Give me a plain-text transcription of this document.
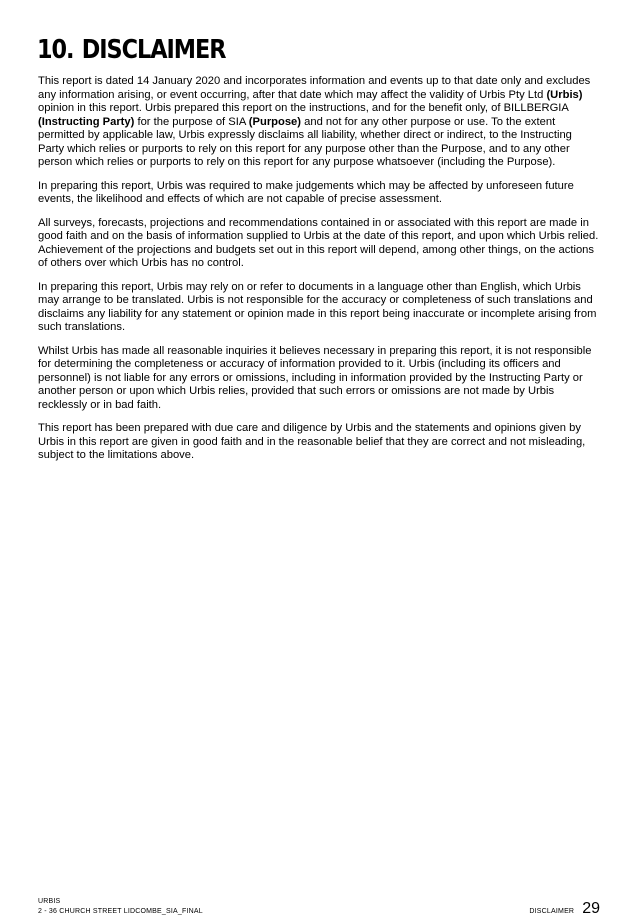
10. DISCLAIMER

This report is dated 14 January 2020 and incorporates information and events up to that date only and excludes any information arising, or event occurring, after that date which may affect the validity of Urbis Pty Ltd (Urbis) opinion in this report. Urbis prepared this report on the instructions, and for the benefit only, of BILLBERGIA (Instructing Party) for the purpose of SIA (Purpose) and not for any other purpose or use. To the extent permitted by applicable law, Urbis expressly disclaims all liability, whether direct or indirect, to the Instructing Party which relies or purports to rely on this report for any purpose other than the Purpose, and to any other person which relies or purports to rely on this report for any purpose whatsoever (including the Purpose).

In preparing this report, Urbis was required to make judgements which may be affected by unforeseen future events, the likelihood and effects of which are not capable of precise assessment.

All surveys, forecasts, projections and recommendations contained in or associated with this report are made in good faith and on the basis of information supplied to Urbis at the date of this report, and upon which Urbis relied. Achievement of the projections and budgets set out in this report will depend, among other things, on the actions of others over which Urbis has no control.

In preparing this report, Urbis may rely on or refer to documents in a language other than English, which Urbis may arrange to be translated. Urbis is not responsible for the accuracy or completeness of such translations and disclaims any liability for any statement or opinion made in this report being inaccurate or incomplete arising from such translations.

Whilst Urbis has made all reasonable inquiries it believes necessary in preparing this report, it is not responsible for determining the completeness or accuracy of information provided to it. Urbis (including its officers and personnel) is not liable for any errors or omissions, including in information provided by the Instructing Party or another person or upon which Urbis relies, provided that such errors or omissions are not made by Urbis recklessly or in bad faith.

This report has been prepared with due care and diligence by Urbis and the statements and opinions given by Urbis in this report are given in good faith and in the reasonable belief that they are correct and not misleading, subject to the limitations above.

URBIS
2 - 36 CHURCH STREET LIDCOMBE_SIA_FINAL	DISCLAIMER 29
